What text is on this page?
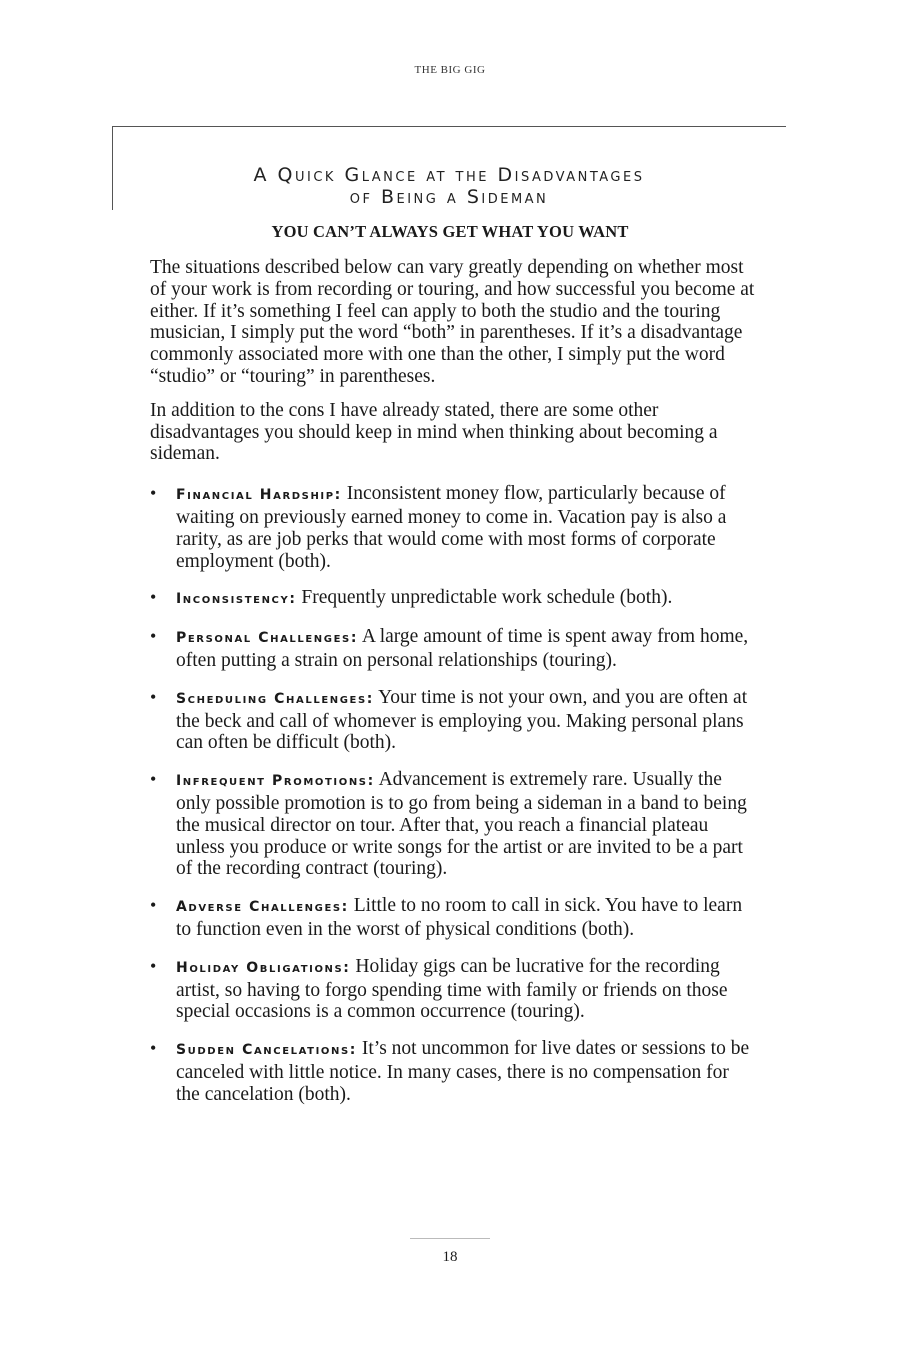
THE BIG GIG
A Quick Glance at the Disadvantages
of Being a Sideman
YOU CAN’T ALWAYS GET WHAT YOU WANT

The situations described below can vary greatly depending on whether most of your work is from recording or touring, and how successful you become at either. If it’s something I feel can apply to both the studio and the touring musician, I simply put the word “both” in parentheses. If it’s a disadvantage commonly associated more with one than the other, I simply put the word “studio” or “touring” in parentheses.

In addition to the cons I have already stated, there are some other disadvantages you should keep in mind when thinking about becoming a sideman.

• Financial Hardship: Inconsistent money flow, particularly because of waiting on previously earned money to come in. Vacation pay is also a rarity, as are job perks that would come with most forms of corporate employment (both).
• Inconsistency: Frequently unpredictable work schedule (both).
• Personal Challenges: A large amount of time is spent away from home, often putting a strain on personal relationships (touring).
• Scheduling Challenges: Your time is not your own, and you are often at the beck and call of whomever is employing you. Making personal plans can often be difficult (both).
• Infrequent Promotions: Advancement is extremely rare. Usually the only possible promotion is to go from being a sideman in a band to being the musical director on tour. After that, you reach a financial plateau unless you produce or write songs for the artist or are invited to be a part of the recording contract (touring).
• Adverse Challenges: Little to no room to call in sick. You have to learn to function even in the worst of physical conditions (both).
• Holiday Obligations: Holiday gigs can be lucrative for the recording artist, so having to forgo spending time with family or friends on those special occasions is a common occurrence (touring).
• Sudden Cancelations: It’s not uncommon for live dates or sessions to be canceled with little notice. In many cases, there is no compensation for the cancelation (both).
18
